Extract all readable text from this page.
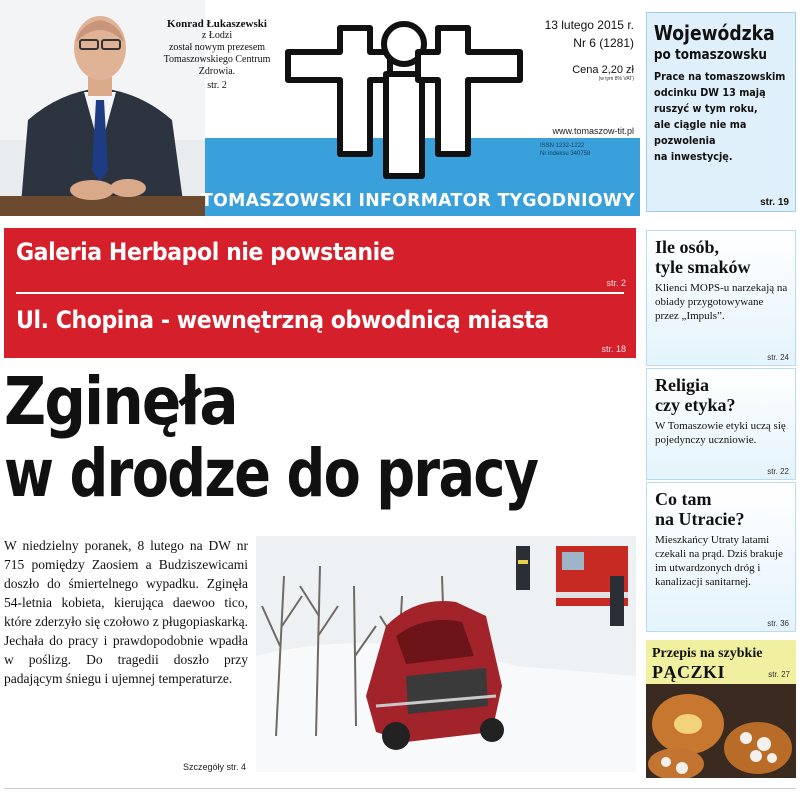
Konrad Łukaszewski
z Łodzi
został nowym prezesem
Tomaszowskiego Centrum
Zdrowia.
str. 2
13 lutego 2015 r.
Nr 6 (1281)
Cena 2,20 zł
(w tym 8% VAT)
www.tomaszow-tit.pl
ISSN 1232-1222
Nr indeksu 340758
TOMASZOWSKI INFORMATOR TYGODNIOWY
Galeria Herbapol nie powstanie
str. 2
Ul. Chopina - wewnętrzną obwodnicą miasta
str. 18
Zginęła
w drodze do pracy
W niedzielny poranek, 8 lutego na DW nr 715 pomiędzy Zaosiem a Budziszewicami doszło do śmiertelnego wypadku. Zginęła 54-letnia kobieta, kierująca daewoo tico, które zderzyło się czołowo z pługopiaskarką. Jechała do pracy i prawdopodobnie wpadła w poślizg. Do tragedii doszło przy padającym śniegu i ujemnej temperaturze.
Szczegóły str. 4
Wojewódzka
po tomaszowsku
Prace na tomaszowskim
odcinku DW 13 mają
ruszyć w tym roku,
ale ciągle nie ma
pozwolenia
na inwestycję.
str. 19
Ile osób,
tyle smaków
Klienci MOPS-u narzekają na obiady przygotowywane przez „Impuls”.
str. 24
Religia
czy etyka?
W Tomaszowie etyki uczą się pojedynczy uczniowie.
str. 22
Co tam
na Utracie?
Mieszkańcy Utraty latami czekali na prąd. Dziś brakuje im utwardzonych dróg i kanalizacji sanitarnej.
str. 36
Przepis na szybkie
PĄCZKI	str. 27
